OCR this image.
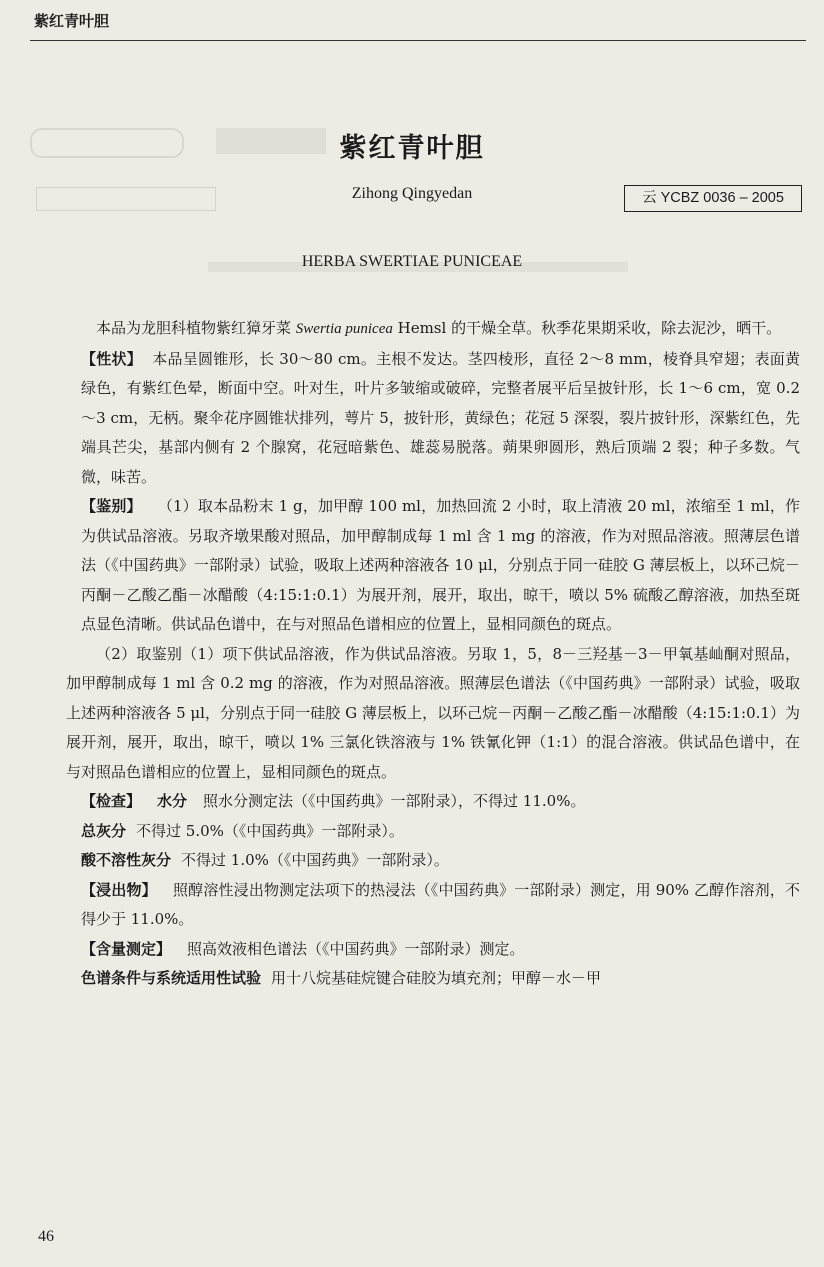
紫红青叶胆
紫红青叶胆
Zihong Qingyedan	云 YCBZ 0036 – 2005
HERBA SWERTIAE PUNICEAE

本品为龙胆科植物紫红獐牙菜 Swertia punicea Hemsl 的干燥全草。秋季花果期采收，除去泥沙，晒干。

【性状】 本品呈圆锥形，长 30～80 cm。主根不发达。茎四棱形，直径 2～8 mm，棱脊具窄翅；表面黄绿色，有紫红色晕，断面中空。叶对生，叶片多皱缩或破碎，完整者展平后呈披针形，长 1～6 cm，宽 0.2～3 cm，无柄。聚伞花序圆锥状排列，萼片 5，披针形，黄绿色；花冠 5 深裂，裂片披针形，深紫红色，先端具芒尖，基部内侧有 2 个腺窝，花冠暗紫色、雄蕊易脱落。蒴果卵圆形，熟后顶端 2 裂；种子多数。气微，味苦。

【鉴别】 （1）取本品粉末 1 g，加甲醇 100 ml，加热回流 2 小时，取上清液 20 ml，浓缩至 1 ml，作为供试品溶液。另取齐墩果酸对照品，加甲醇制成每 1 ml 含 1 mg 的溶液，作为对照品溶液。照薄层色谱法（《中国药典》一部附录）试验，吸取上述两种溶液各 10 μl，分别点于同一硅胶 G 薄层板上，以环己烷－丙酮－乙酸乙酯－冰醋酸（4:15:1:0.1）为展开剂，展开，取出，晾干，喷以 5% 硫酸乙醇溶液，加热至斑点显色清晰。供试品色谱中，在与对照品色谱相应的位置上，显相同颜色的斑点。

（2）取鉴别（1）项下供试品溶液，作为供试品溶液。另取 1，5，8－三羟基－3－甲氧基屾酮对照品，加甲醇制成每 1 ml 含 0.2 mg 的溶液，作为对照品溶液。照薄层色谱法（《中国药典》一部附录）试验，吸取上述两种溶液各 5 μl，分别点于同一硅胶 G 薄层板上，以环己烷－丙酮－乙酸乙酯－冰醋酸（4:15:1:0.1）为展开剂，展开，取出，晾干，喷以 1% 三氯化铁溶液与 1% 铁氰化钾（1:1）的混合溶液。供试品色谱中，在与对照品色谱相应的位置上，显相同颜色的斑点。

【检查】 水分 照水分测定法（《中国药典》一部附录），不得过 11.0%。

总灰分 不得过 5.0%（《中国药典》一部附录）。

酸不溶性灰分 不得过 1.0%（《中国药典》一部附录）。

【浸出物】 照醇溶性浸出物测定法项下的热浸法（《中国药典》一部附录）测定，用 90% 乙醇作溶剂，不得少于 11.0%。

【含量测定】 照高效液相色谱法（《中国药典》一部附录）测定。

色谱条件与系统适用性试验 用十八烷基硅烷键合硅胶为填充剂；甲醇－水－甲

46
